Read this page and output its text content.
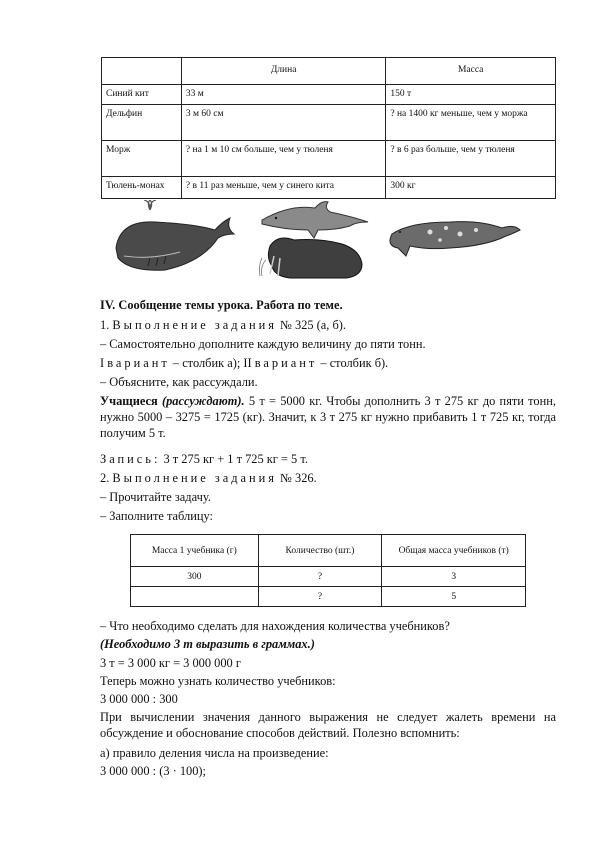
	Длина	Масса
Синий кит	33 м	150 т
Дельфин	3 м 60 см	? на 1400 кг меньше, чем у моржа
Морж	? на 1 м 10 см больше, чем у тюленя	? в 6 раз больше, чем у тюленя
Тюлень-монах	? в 11 раз меньше, чем у синего кита	300 кг
IV. Сообщение темы урока. Работа по теме.
1. Выполнение задания № 325 (а, б).
– Самостоятельно дополните каждую величину до пяти тонн.
I вариант – столбик а); II вариант – столбик б).
– Объясните, как рассуждали.
Учащиеся (рассуждают). 5 т = 5000 кг. Чтобы дополнить 3 т 275 кг до пяти тонн, нужно 5000 – 3275 = 1725 (кг). Значит, к 3 т 275 кг нужно прибавить 1 т 725 кг, тогда получим 5 т.
Запись: 3 т 275 кг + 1 т 725 кг = 5 т.
2. Выполнение задания № 326.
– Прочитайте задачу.
– Заполните таблицу:
Масса 1 учебника (г)	Количество (шт.)	Общая масса учебников (т)
300	?	3
	?	5
– Что необходимо сделать для нахождения количества учебников?
(Необходимо 3 т выразить в граммах.)
3 т = 3 000 кг = 3 000 000 г
Теперь можно узнать количество учебников:
3 000 000 : 300
При вычислении значения данного выражения не следует жалеть времени на обсуждение и обоснование способов действий. Полезно вспомнить:
а) правило деления числа на произведение:
3 000 000 : (3 · 100);
